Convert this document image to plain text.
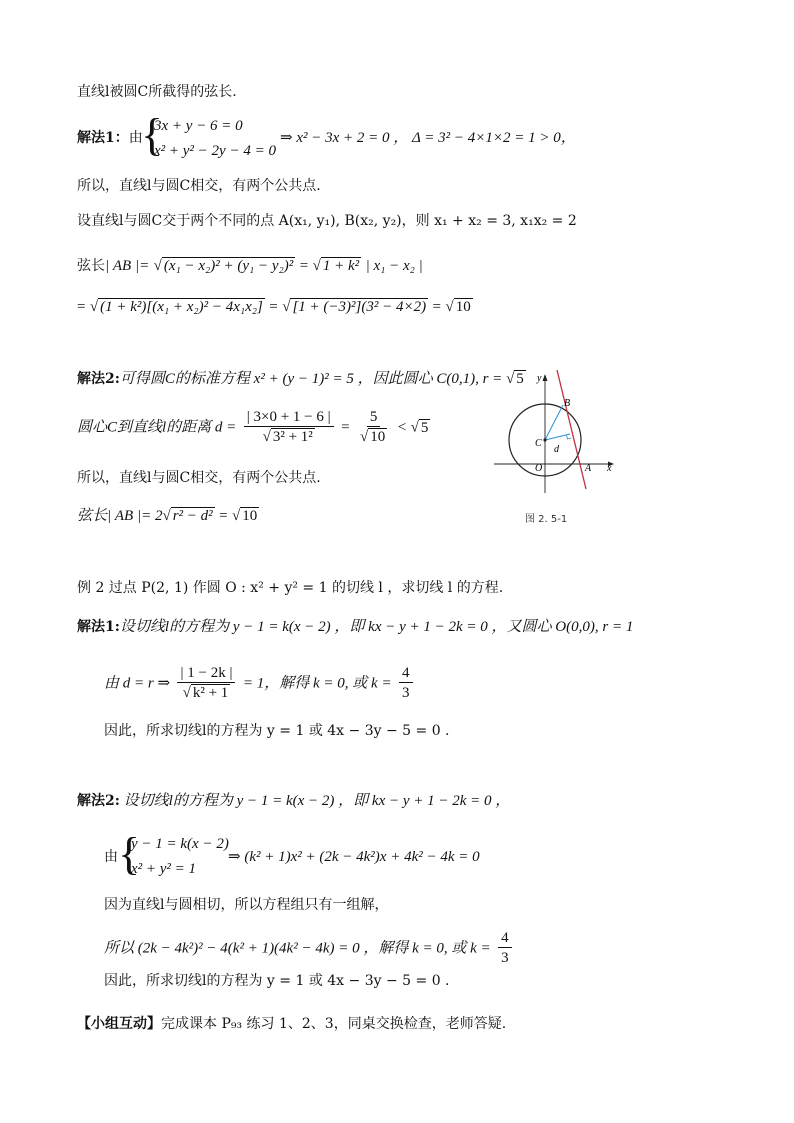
直线l被圆C所截得的弦长.
解法1：由
{
3x + y − 6 = 0
x² + y² − 2y − 4 = 0
⇒ x² − 3x + 2 = 0 ， Δ = 3² − 4×1×2 = 1 > 0，
所以，直线l与圆C相交，有两个公共点.
设直线l与圆C交于两个不同的点 A(x₁, y₁), B(x₂, y₂)，则 x₁ + x₂ = 3, x₁x₂ = 2
弦长| AB |= √ (x₁ − x₂)² + (y₁ − y₂)² = √ 1 + k² | x₁ − x₂ |
= √ (1 + k²)[(x₁ + x₂)² − 4x₁x₂] = √ [1 + (−3)²](3² − 4×2) = √ 10
解法2:可得圆C的标准方程 x² + (y − 1)² = 5 ，因此圆心 C(0,1), r = √ 5
圆心C到直线l的距离 $d = \frac{| 3\times 0 + 1 - 6 |}{\text{√ 3² + 1²}} = \frac{5}{√ 10}$ < √ 5
所以，直线l与圆C相交，有两个公共点.
弦长| AB |= 2√ r² − d² = √ 10
y
x
B
C
d
O	A
图 2. 5-1
例 2 过点 P(2, 1) 作圆 O : x² + y² = 1 的切线 l ，求切线 l 的方程.
解法1:设切线l的方程为 y − 1 = k(x − 2) ，即 kx − y + 1 − 2k = 0 ，又圆心 O(0,0), r = 1
由 d = r ⇒ $\frac{| 1 - 2k |}{\text{√ k² + 1}} = 1$，解得 k = 0, 或 $k = \frac{4}{3}$
因此，所求切线l的方程为 y = 1 或 4x − 3y − 5 = 0 .
解法2: 设切线l的方程为 y − 1 = k(x − 2) ，即 kx − y + 1 − 2k = 0 ，
由 {
y − 1 = k(x − 2)
x² + y² = 1
⇒ (k² + 1)x² + (2k − 4k²)x + 4k² − 4k = 0
因为直线l与圆相切，所以方程组只有一组解，
所以 (2k − 4k²)² − 4(k² + 1)(4k² − 4k) = 0 ，解得 k = 0, 或 $k = \frac{4}{3}$
因此，所求切线l的方程为 y = 1 或 4x − 3y − 5 = 0 .
【小组互动】完成课本 P₉₃ 练习 1、2、3，同桌交换检查，老师答疑.
